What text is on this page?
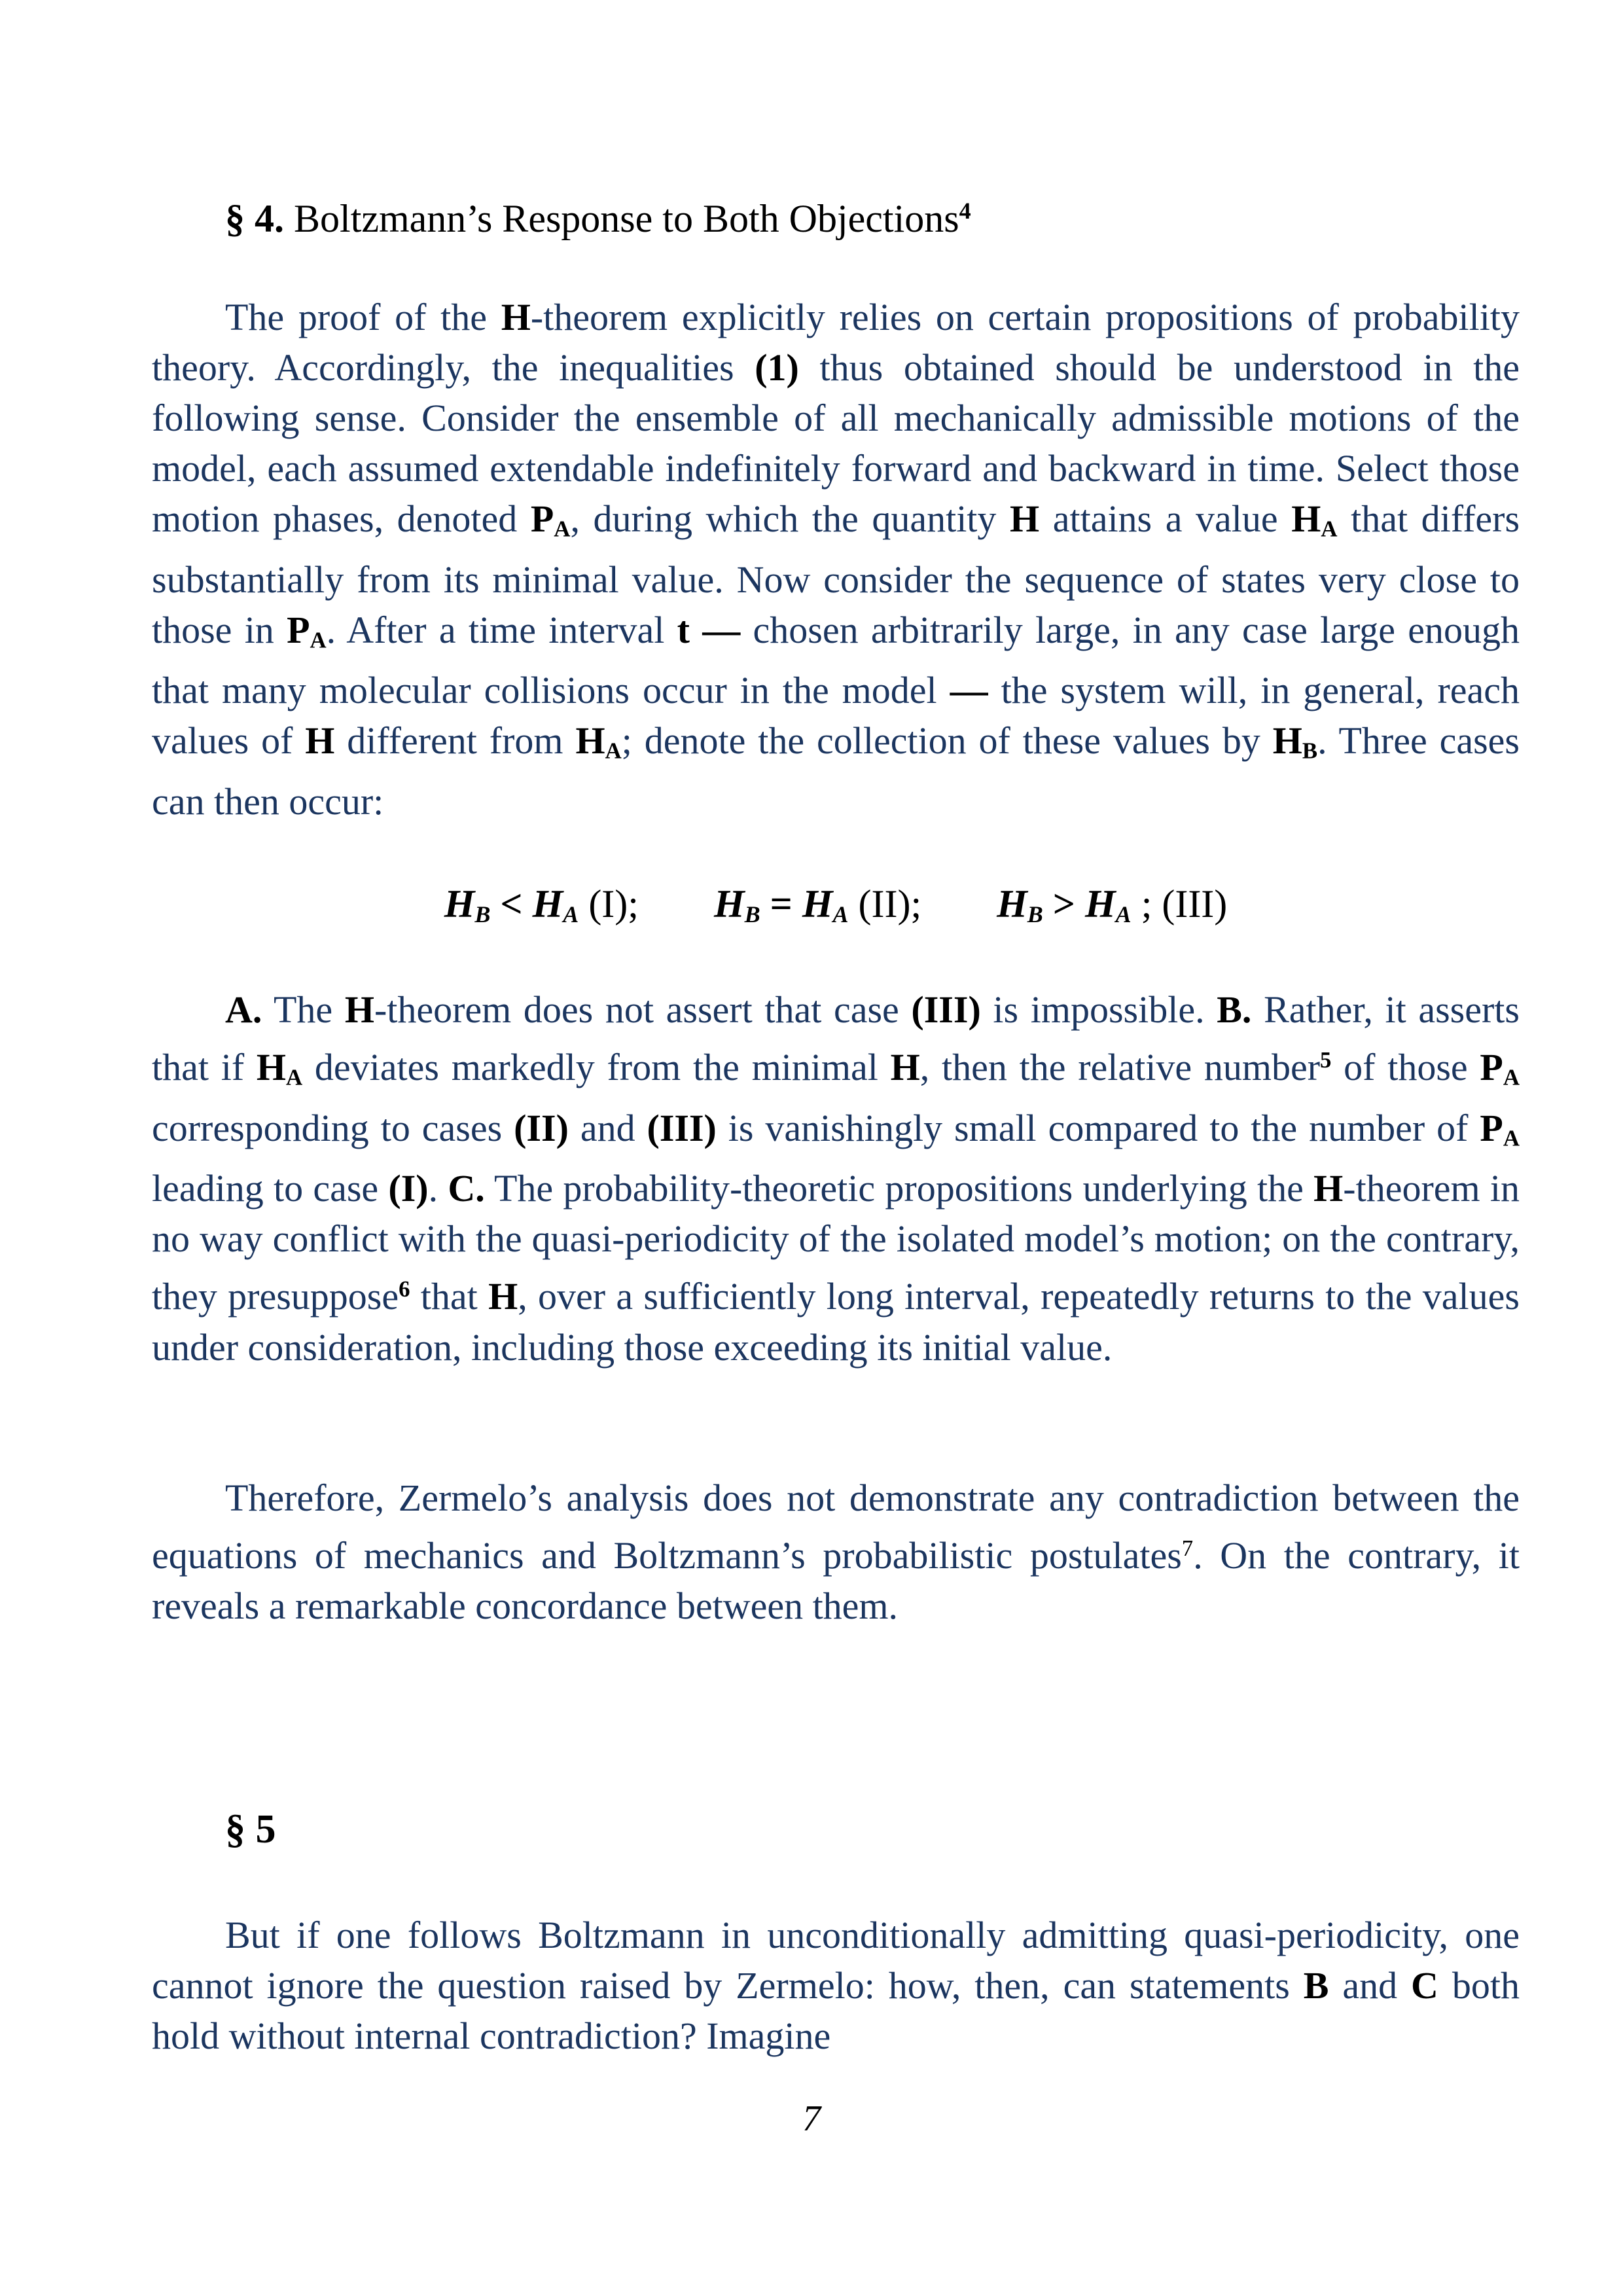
§ 4. Boltzmann’s Response to Both Objections$^4$
The proof of the H-theorem explicitly relies on certain propositions of probability theory. Accordingly, the inequalities (1) thus obtained should be understood in the following sense. Consider the ensemble of all mechanically admissible motions of the model, each assumed extendable indefinitely forward and backward in time. Select those motion phases, denoted PA, during which the quantity H attains a value HA that differs substantially from its minimal value. Now consider the sequence of states very close to those in PA. After a time interval t — chosen arbitrarily large, in any case large enough that many molecular collisions occur in the model — the system will, in general, reach values of H different from HA; denote the collection of these values by HB. Three cases can then occur:
HB < HA (I); HB = HA (II); HB > HA ; (III)
A. The H-theorem does not assert that case (III) is impossible. B. Rather, it asserts that if HA deviates markedly from the minimal H, then the relative number$^5$ of those PA corresponding to cases (II) and (III) is vanishingly small compared to the number of PA leading to case (I). C. The probability-theoretic propositions underlying the H-theorem in no way conflict with the quasi-periodicity of the isolated model’s motion; on the contrary, they presuppose$^6$ that H, over a sufficiently long interval, repeatedly returns to the values under consideration, including those exceeding its initial value.
Therefore, Zermelo’s analysis does not demonstrate any contradiction between the equations of mechanics and Boltzmann’s probabilistic postulates$^7$. On the contrary, it reveals a remarkable concordance between them.
§ 5
But if one follows Boltzmann in unconditionally admitting quasi-periodicity, one cannot ignore the question raised by Zermelo: how, then, can statements B and C both hold without internal contradiction? Imagine
7
